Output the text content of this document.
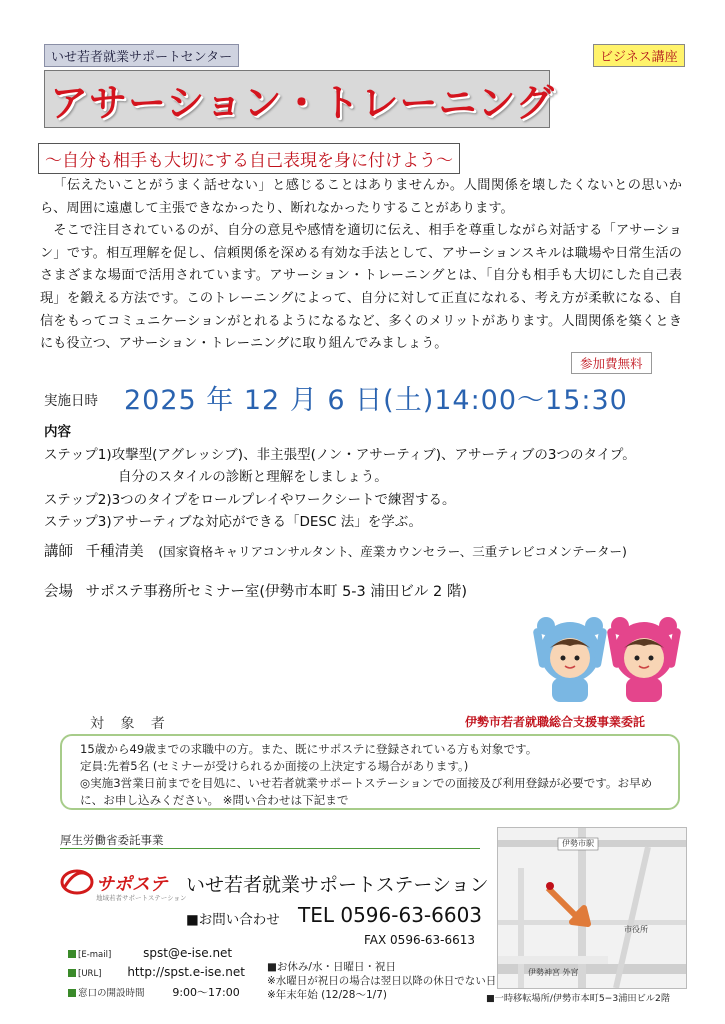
いせ若者就業サポートセンター	ビジネス講座
アサーション・トレーニング
〜自分も相手も大切にする自己表現を身に付けよう〜

「伝えたいことがうまく話せない」と感じることはありませんか。人間関係を壊したくないとの思いから、周囲に遠慮して主張できなかったり、断れなかったりすることがあります。

そこで注目されているのが、自分の意見や感情を適切に伝え、相手を尊重しながら対話する「アサーション」です。相互理解を促し、信頼関係を深める有効な手法として、アサーションスキルは職場や日常生活のさまざまな場面で活用されています。アサーション・トレーニングとは、「自分も相手も大切にした自己表現」を鍛える方法です。このトレーニングによって、自分に対して正直になれる、考え方が柔軟になる、自信をもってコミュニケーションがとれるようになるなど、多くのメリットがあります。人間関係を築くときにも役立つ、アサーション・トレーニングに取り組んでみましょう。

参加費無料
実施日時 2025 年 12 月 6 日(土)14:00〜15:30
内容
ステップ1)攻撃型(アグレッシブ)、非主張型(ノン・アサーティブ)、アサーティブの3つのタイプ。
自分のスタイルの診断と理解をしましょう。
ステップ2)3つのタイプをロールプレイやワークシートで練習する。
ステップ3)アサーティブな対応ができる「DESC 法」を学ぶ。
講師 千種清美 (国家資格キャリアコンサルタント、産業カウンセラー、三重テレビコメンテーター)
会場 サポステ事務所セミナー室(伊勢市本町 5-3 浦田ビル 2 階)
対 象 者	伊勢市若者就職総合支援事業委託
15歳から49歳までの求職中の方。また、既にサポステに登録されている方も対象です。
定員:先着5名 (セミナーが受けられるか面接の上決定する場合があります。)
◎実施3営業日前までを目処に、いせ若者就業サポートステーションでの面接及び利用登録が必要です。お早めに、お申し込みください。 ※問い合わせは下記まで
厚生労働省委託事業
サポステ
地域若者サポートステーション
いせ若者就業サポートステーション
■お問い合わせ TEL 0596-63-6603
FAX 0596-63-6613
[E-mail]	spst@e-ise.net
[URL] http://spst.e-ise.net
窓口の開設時間	9:00〜17:00
■お休み/水・日曜日・祝日
※水曜日が祝日の場合は翌日以降の休日でない日
※年末年始 (12/28〜1/7)
伊勢市駅
市役所
伊勢神宮 外宮
■一時移転場所/伊勢市本町5−3浦田ビル2階
